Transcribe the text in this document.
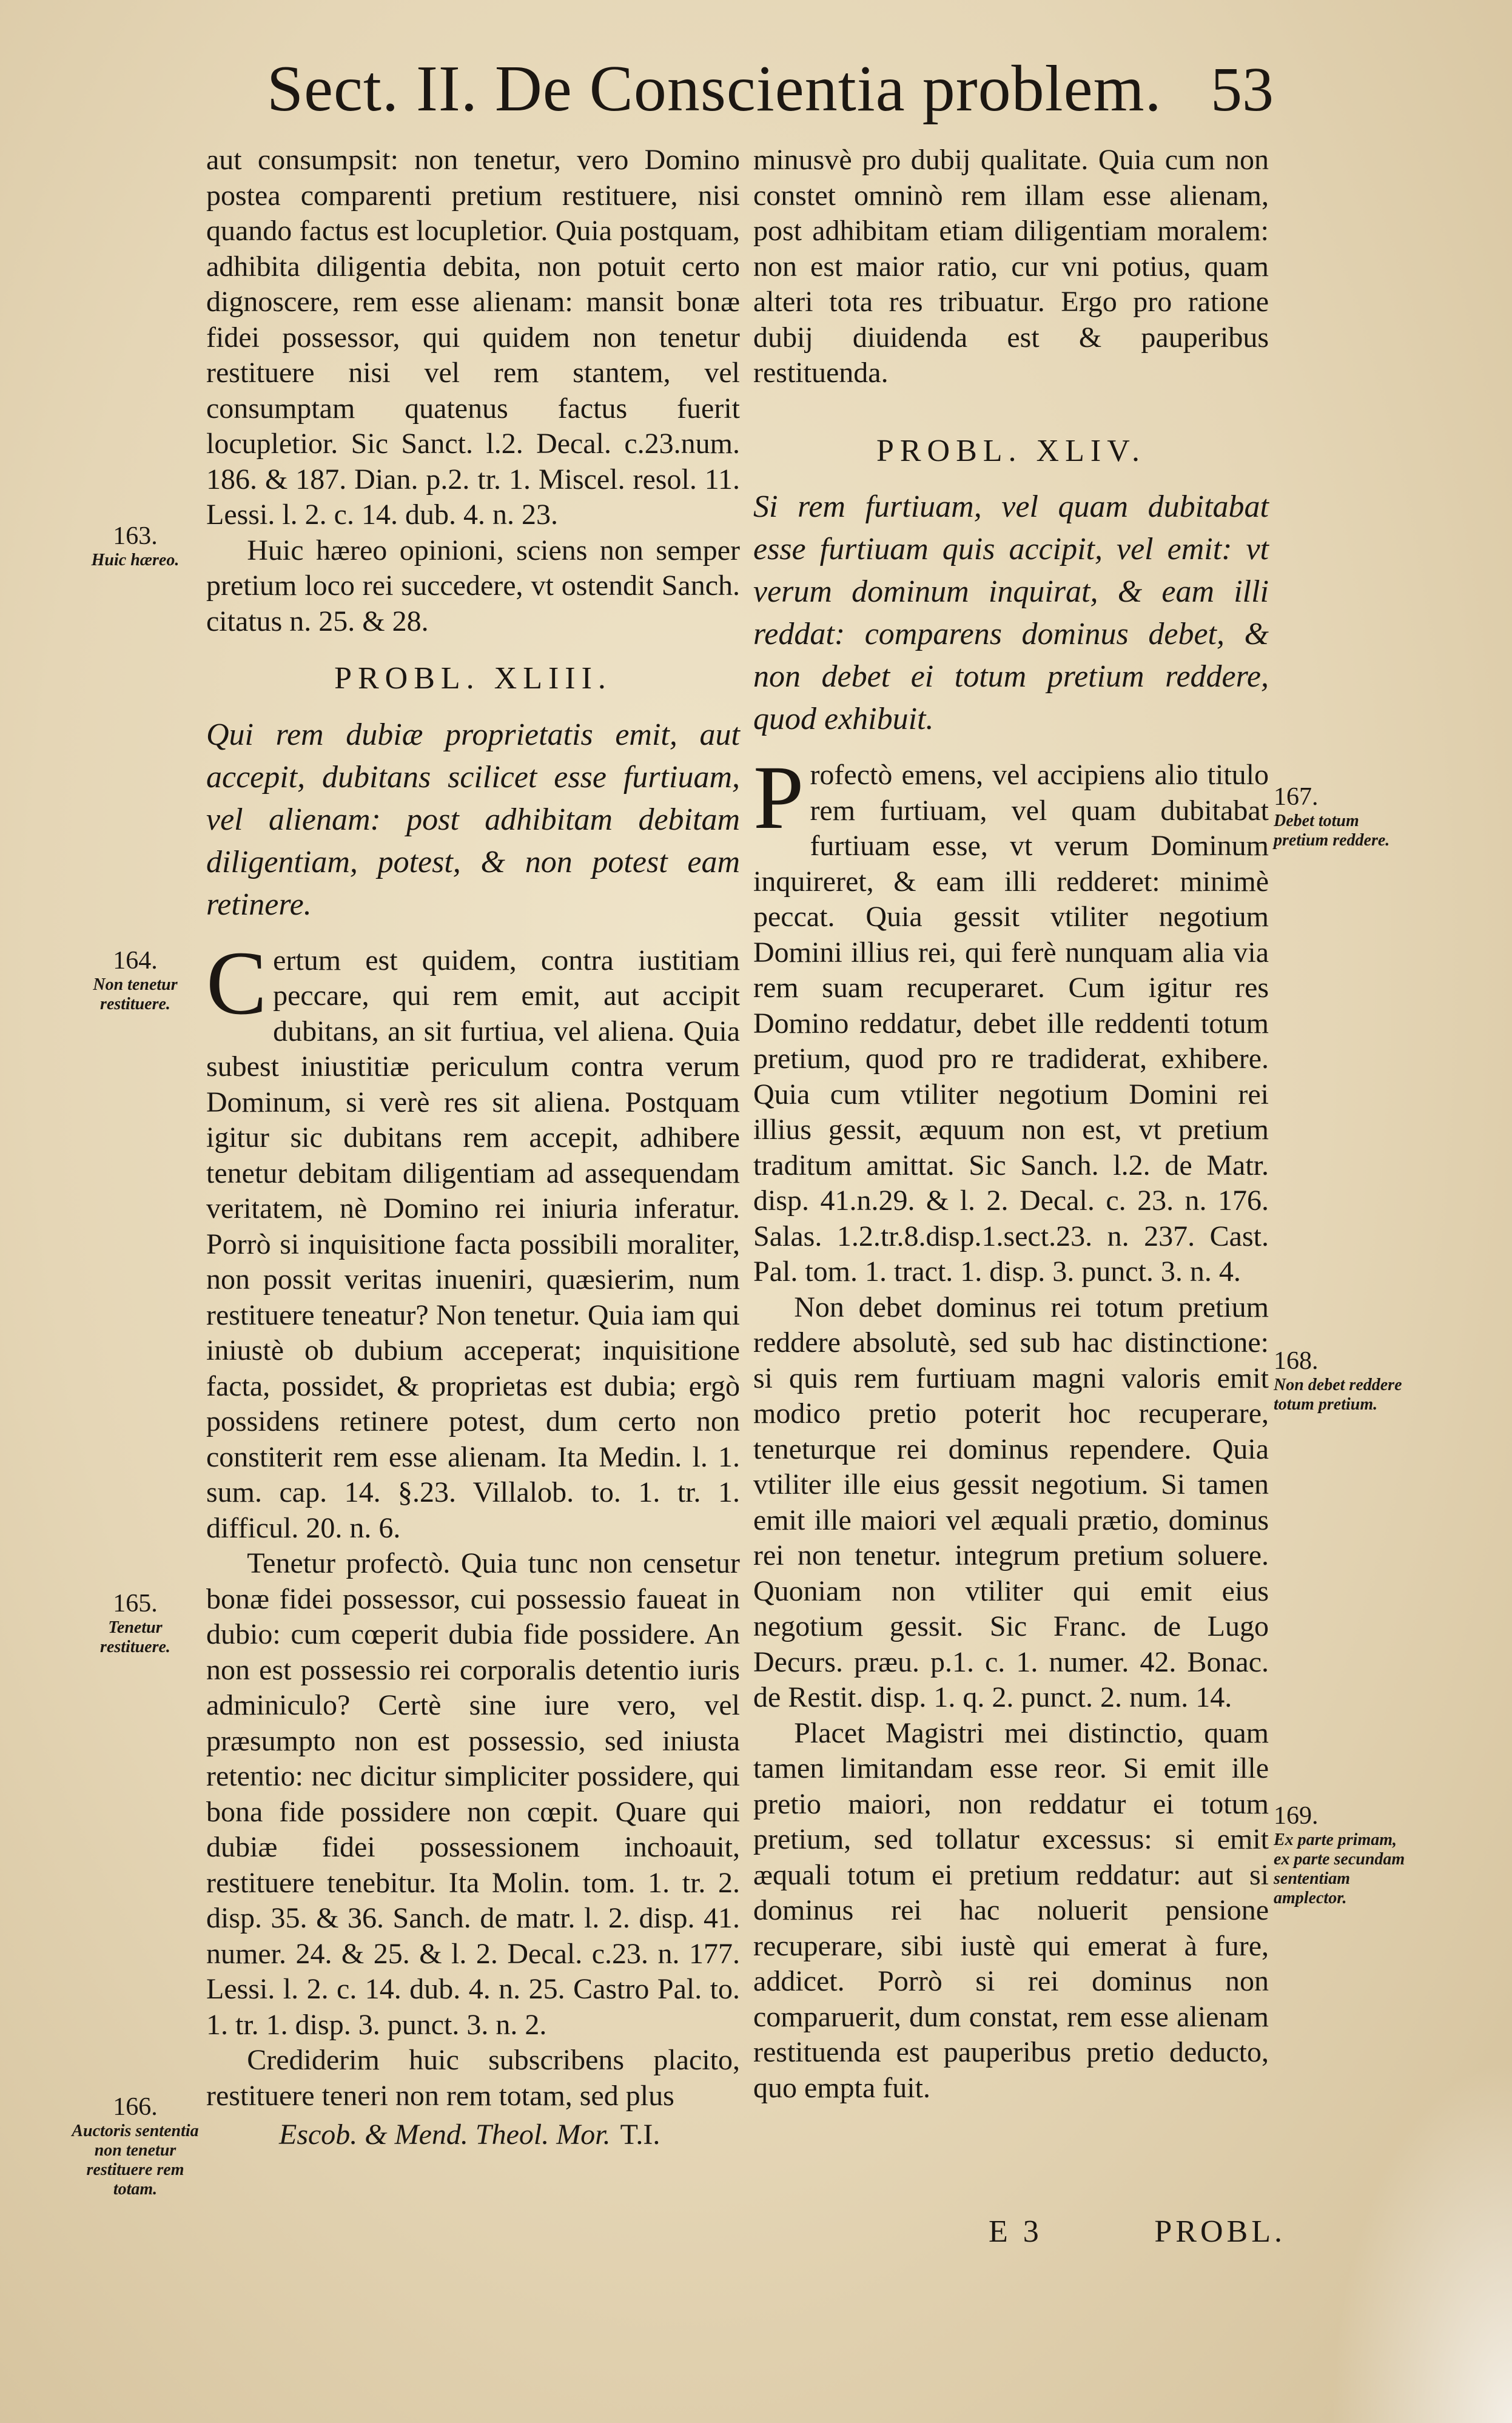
Sect. II. De Conscientia problem. 53

aut consumpsit: non tenetur, vero Domino postea comparenti pretium restituere, nisi quando factus est locupletior. Quia postquam, adhibita diligentia debita, non potuit certo dignoscere, rem esse alienam: mansit bonæ fidei possessor, qui quidem non tenetur restituere nisi vel rem stantem, vel consumptam quatenus factus fuerit locupletior. Sic Sanct. l.2. Decal. c.23.num. 186. & 187. Dian. p.2. tr. 1. Miscel. resol. 11. Lessi. l. 2. c. 14. dub. 4. n. 23.

Huic hæreo opinioni, sciens non semper pretium loco rei succedere, vt ostendit Sanch. citatus n. 25. & 28.

PROBL. XLIII.
Qui rem dubiæ proprietatis emit, aut accepit, dubitans scilicet esse furtiuam, vel alienam: post adhibitam debitam diligentiam, potest, & non potest eam retinere.

Certum est quidem, contra iustitiam peccare, qui rem emit, aut accipit dubitans, an sit furtiua, vel aliena. Quia subest iniustitiæ periculum contra verum Dominum, si verè res sit aliena. Postquam igitur sic dubitans rem accepit, adhibere tenetur debitam diligentiam ad assequendam veritatem, nè Domino rei iniuria inferatur. Porrò si inquisitione facta possibili moraliter, non possit veritas inueniri, quæsierim, num restituere teneatur? Non tenetur. Quia iam qui iniustè ob dubium acceperat; inquisitione facta, possidet, & proprietas est dubia; ergò possidens retinere potest, dum certo non constiterit rem esse alienam. Ita Medin. l. 1. sum. cap. 14. §.23. Villalob. to. 1. tr. 1. difficul. 20. n. 6.

Tenetur profectò. Quia tunc non censetur bonæ fidei possessor, cui possessio faueat in dubio: cum cœperit dubia fide possidere. An non est possessio rei corporalis detentio iuris adminiculo? Certè sine iure vero, vel præsumpto non est possessio, sed iniusta retentio: nec dicitur simpliciter possidere, qui bona fide possidere non cœpit. Quare qui dubiæ fidei possessionem inchoauit, restituere tenebitur. Ita Molin. tom. 1. tr. 2. disp. 35. & 36. Sanch. de matr. l. 2. disp. 41. numer. 24. & 25. & l. 2. Decal. c.23. n. 177. Lessi. l. 2. c. 14. dub. 4. n. 25. Castro Pal. to. 1. tr. 1. disp. 3. punct. 3. n. 2.

Crediderim huic subscribens placito, restituere teneri non rem totam, sed plus

Escob. & Mend. Theol. Mor. T.I.

minusvè pro dubij qualitate. Quia cum non constet omninò rem illam esse alienam, post adhibitam etiam diligentiam moralem: non est maior ratio, cur vni potius, quam alteri tota res tribuatur. Ergo pro ratione dubij diuidenda est & pauperibus restituenda.

PROBL. XLIV.
Si rem furtiuam, vel quam dubitabat esse furtiuam quis accipit, vel emit: vt verum dominum inquirat, & eam illi reddat: comparens dominus debet, & non debet ei totum pretium reddere, quod exhibuit.

Profectò emens, vel accipiens alio titulo rem furtiuam, vel quam dubitabat furtiuam esse, vt verum Dominum inquireret, & eam illi redderet: minimè peccat. Quia gessit vtiliter negotium Domini illius rei, qui ferè nunquam alia via rem suam recuperaret. Cum igitur res Domino reddatur, debet ille reddenti totum pretium, quod pro re tradiderat, exhibere. Quia cum vtiliter negotium Domini rei illius gessit, æquum non est, vt pretium traditum amittat. Sic Sanch. l.2. de Matr. disp. 41.n.29. & l. 2. Decal. c. 23. n. 176. Salas. 1.2.tr.8.disp.1.sect.23. n. 237. Cast. Pal. tom. 1. tract. 1. disp. 3. punct. 3. n. 4.

Non debet dominus rei totum pretium reddere absolutè, sed sub hac distinctione: si quis rem furtiuam magni valoris emit modico pretio poterit hoc recuperare, teneturque rei dominus rependere. Quia vtiliter ille eius gessit negotium. Si tamen emit ille maiori vel æquali prætio, dominus rei non tenetur. integrum pretium soluere. Quoniam non vtiliter qui emit eius negotium gessit. Sic Franc. de Lugo Decurs. præu. p.1. c. 1. numer. 42. Bonac. de Restit. disp. 1. q. 2. punct. 2. num. 14.

Placet Magistri mei distinctio, quam tamen limitandam esse reor. Si emit ille pretio maiori, non reddatur ei totum pretium, sed tollatur excessus: si emit æquali totum ei pretium reddatur: aut si dominus rei hac noluerit pensione recuperare, sibi iustè qui emerat à fure, addicet. Porrò si rei dominus non comparuerit, dum constat, rem esse alienam restituenda est pauperibus pretio deducto, quo empta fuit.

163.
Huic hæreo.
164.
Non tenetur restituere.
165.
Tenetur restituere.
166.
Auctoris sententia non tenetur restituere rem totam.
167.
Debet totum pretium reddere.
168.
Non debet reddere totum pretium.
169.
Ex parte primam, ex parte secundam sententiam amplector.
E 3	PROBL.
